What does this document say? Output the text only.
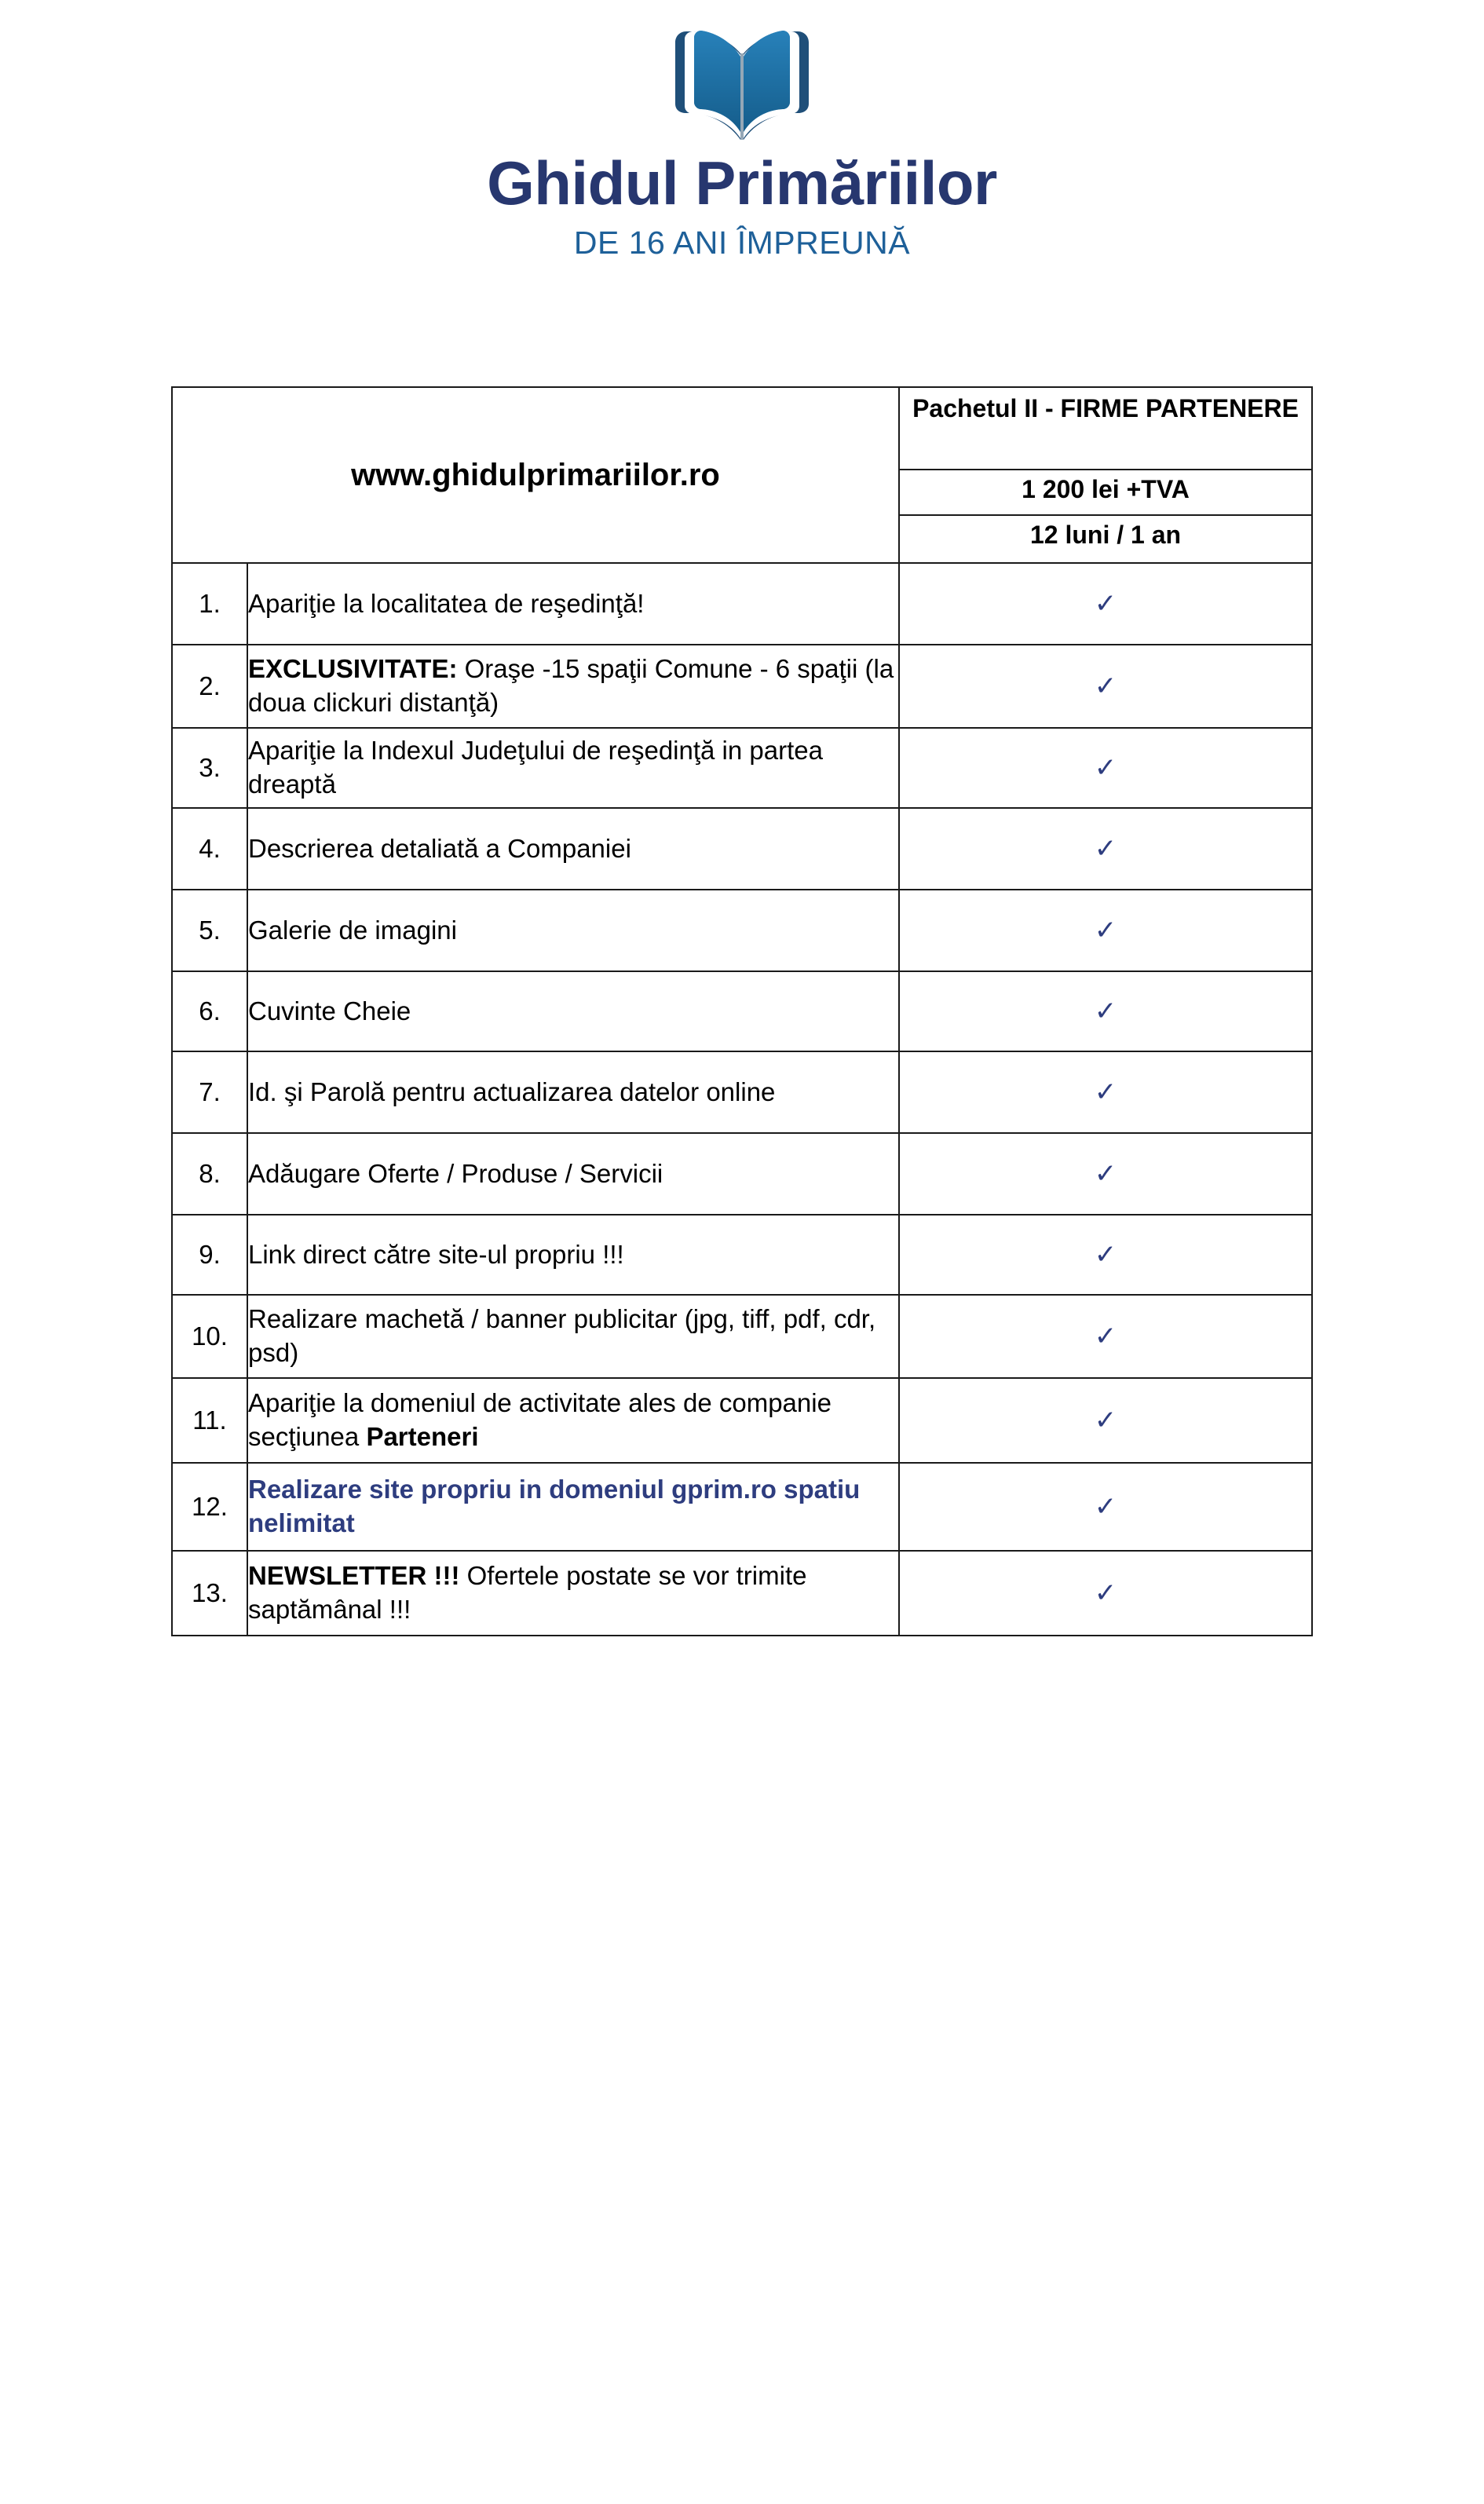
Ghidul Primăriilor
DE 16 ANI ÎMPREUNĂ
www.ghidulprimariilor.ro		Pachetul II - FIRME PARTENERE
1 200 lei +TVA
12 luni / 1 an

1.	Apariţie la localitatea de reşedinţă!	✓
2.	EXCLUSIVITATE: Oraşe -15 spaţii Comune - 6 spaţii (la doua clickuri distanţă)	✓
3.	Apariţie la Indexul Judeţului de reşedinţă in partea dreaptă	✓
4.	Descrierea detaliată a Companiei	✓
5.	Galerie de imagini	✓
6.	Cuvinte Cheie	✓
7.	Id. şi Parolă pentru actualizarea datelor online	✓
8.	Adăugare Oferte / Produse / Servicii	✓
9.	Link direct către site-ul propriu !!!	✓
10.	Realizare machetă / banner publicitar (jpg, tiff, pdf, cdr, psd)	✓
11.	Apariţie la domeniul de activitate ales de companie secţiunea Parteneri	✓
12.	Realizare site propriu in domeniul gprim.ro spatiu nelimitat	✓
13.	NEWSLETTER !!! Ofertele postate se vor trimite saptămânal !!!	✓
